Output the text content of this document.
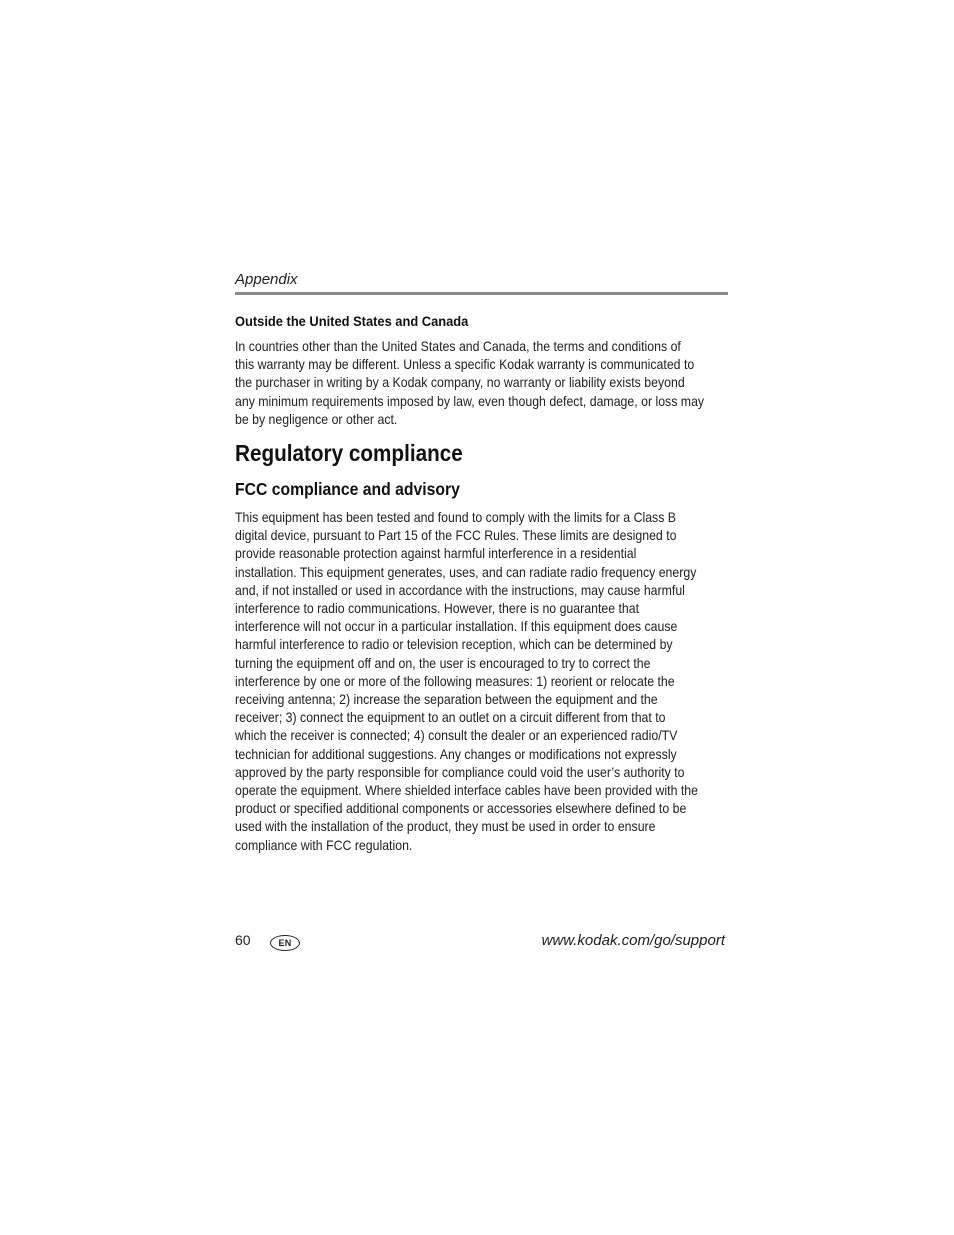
Appendix
Outside the United States and Canada
In countries other than the United States and Canada, the terms and conditions of
this warranty may be different. Unless a specific Kodak warranty is communicated to
the purchaser in writing by a Kodak company, no warranty or liability exists beyond
any minimum requirements imposed by law, even though defect, damage, or loss may
be by negligence or other act.
Regulatory compliance
FCC compliance and advisory
This equipment has been tested and found to comply with the limits for a Class B
digital device, pursuant to Part 15 of the FCC Rules. These limits are designed to
provide reasonable protection against harmful interference in a residential
installation. This equipment generates, uses, and can radiate radio frequency energy
and, if not installed or used in accordance with the instructions, may cause harmful
interference to radio communications. However, there is no guarantee that
interference will not occur in a particular installation. If this equipment does cause
harmful interference to radio or television reception, which can be determined by
turning the equipment off and on, the user is encouraged to try to correct the
interference by one or more of the following measures: 1) reorient or relocate the
receiving antenna; 2) increase the separation between the equipment and the
receiver; 3) connect the equipment to an outlet on a circuit different from that to
which the receiver is connected; 4) consult the dealer or an experienced radio/TV
technician for additional suggestions. Any changes or modifications not expressly
approved by the party responsible for compliance could void the user’s authority to
operate the equipment. Where shielded interface cables have been provided with the
product or specified additional components or accessories elsewhere defined to be
used with the installation of the product, they must be used in order to ensure
compliance with FCC regulation.
60	EN	www.kodak.com/go/support
